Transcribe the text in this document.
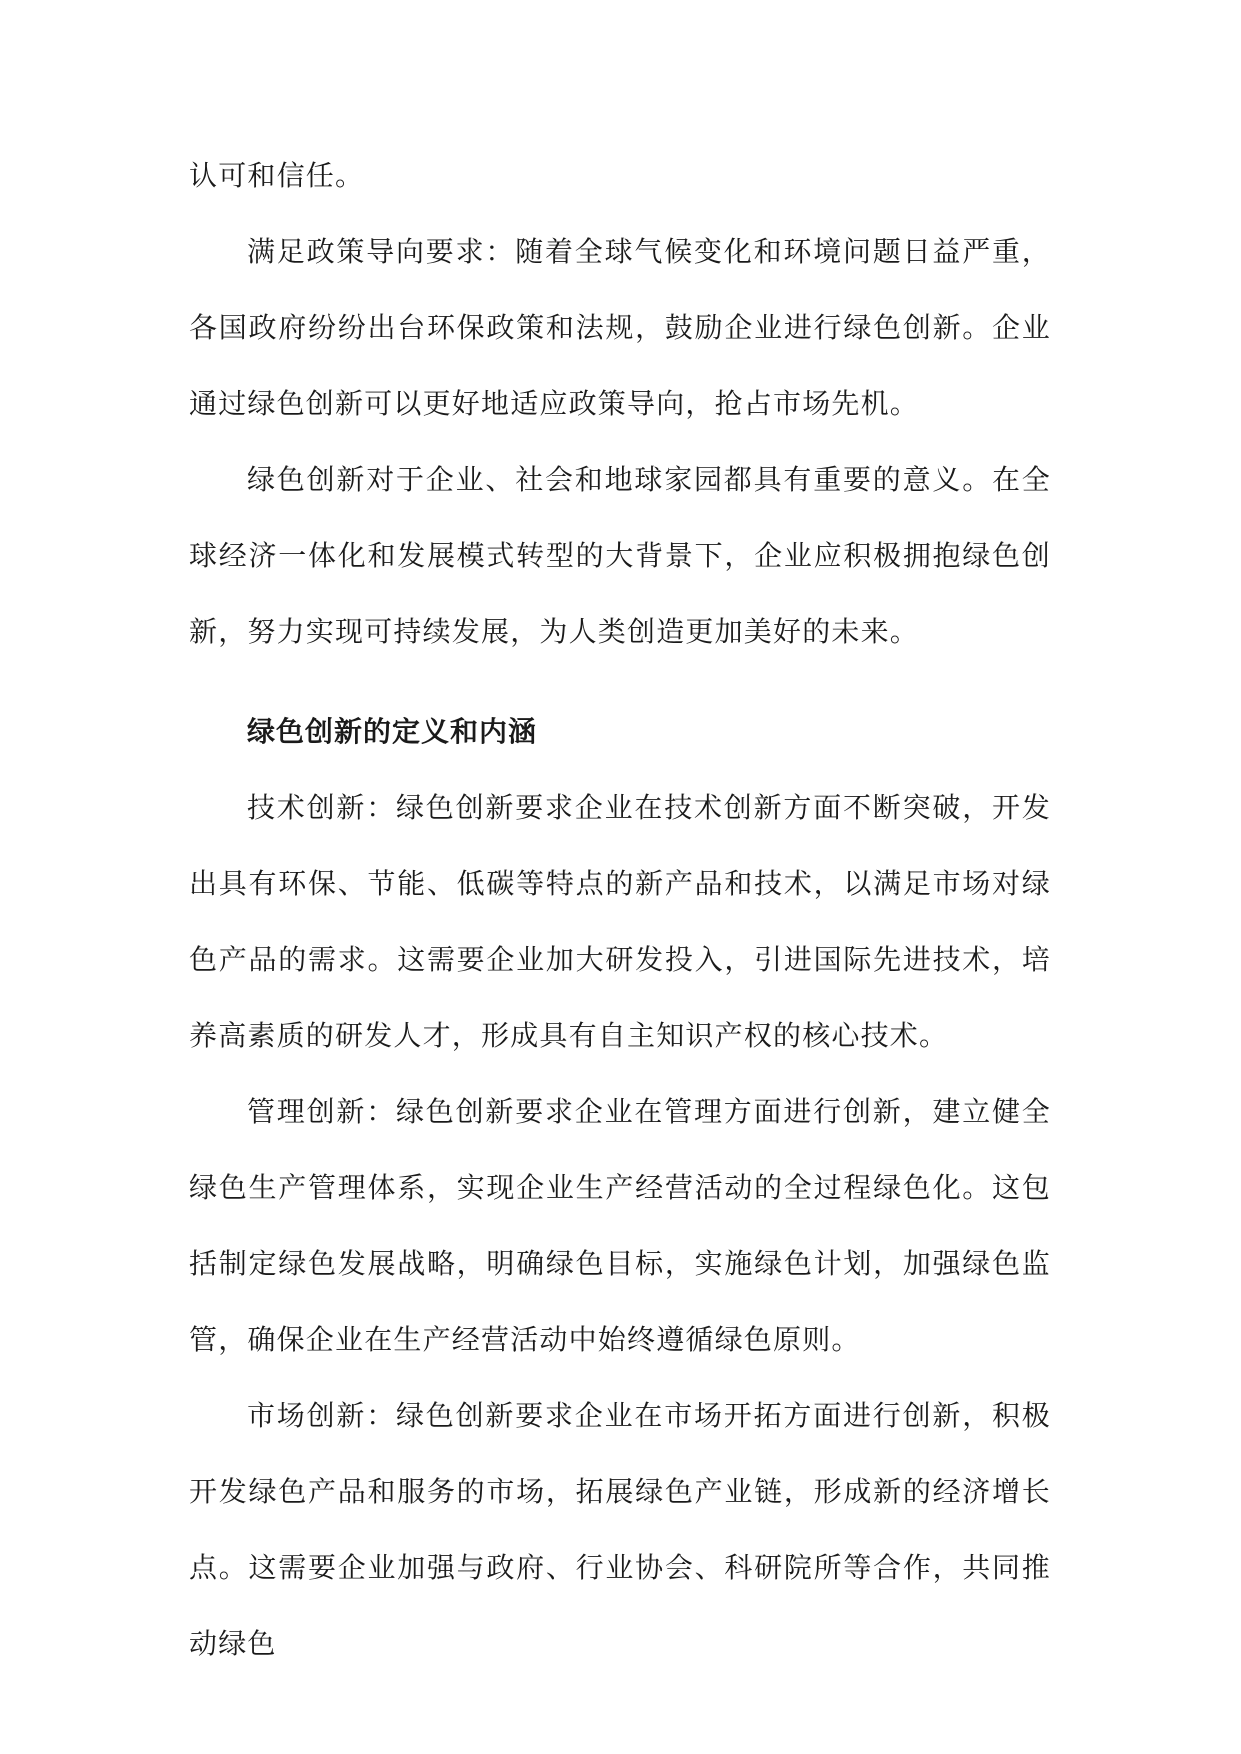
认可和信任。

满足政策导向要求：随着全球气候变化和环境问题日益严重，各国政府纷纷出台环保政策和法规，鼓励企业进行绿色创新。企业通过绿色创新可以更好地适应政策导向，抢占市场先机。

绿色创新对于企业、社会和地球家园都具有重要的意义。在全球经济一体化和发展模式转型的大背景下，企业应积极拥抱绿色创新，努力实现可持续发展，为人类创造更加美好的未来。

绿色创新的定义和内涵

技术创新：绿色创新要求企业在技术创新方面不断突破，开发出具有环保、节能、低碳等特点的新产品和技术，以满足市场对绿色产品的需求。这需要企业加大研发投入，引进国际先进技术，培养高素质的研发人才，形成具有自主知识产权的核心技术。

管理创新：绿色创新要求企业在管理方面进行创新，建立健全绿色生产管理体系，实现企业生产经营活动的全过程绿色化。这包括制定绿色发展战略，明确绿色目标，实施绿色计划，加强绿色监管，确保企业在生产经营活动中始终遵循绿色原则。

市场创新：绿色创新要求企业在市场开拓方面进行创新，积极开发绿色产品和服务的市场，拓展绿色产业链，形成新的经济增长点。这需要企业加强与政府、行业协会、科研院所等合作，共同推动绿色
